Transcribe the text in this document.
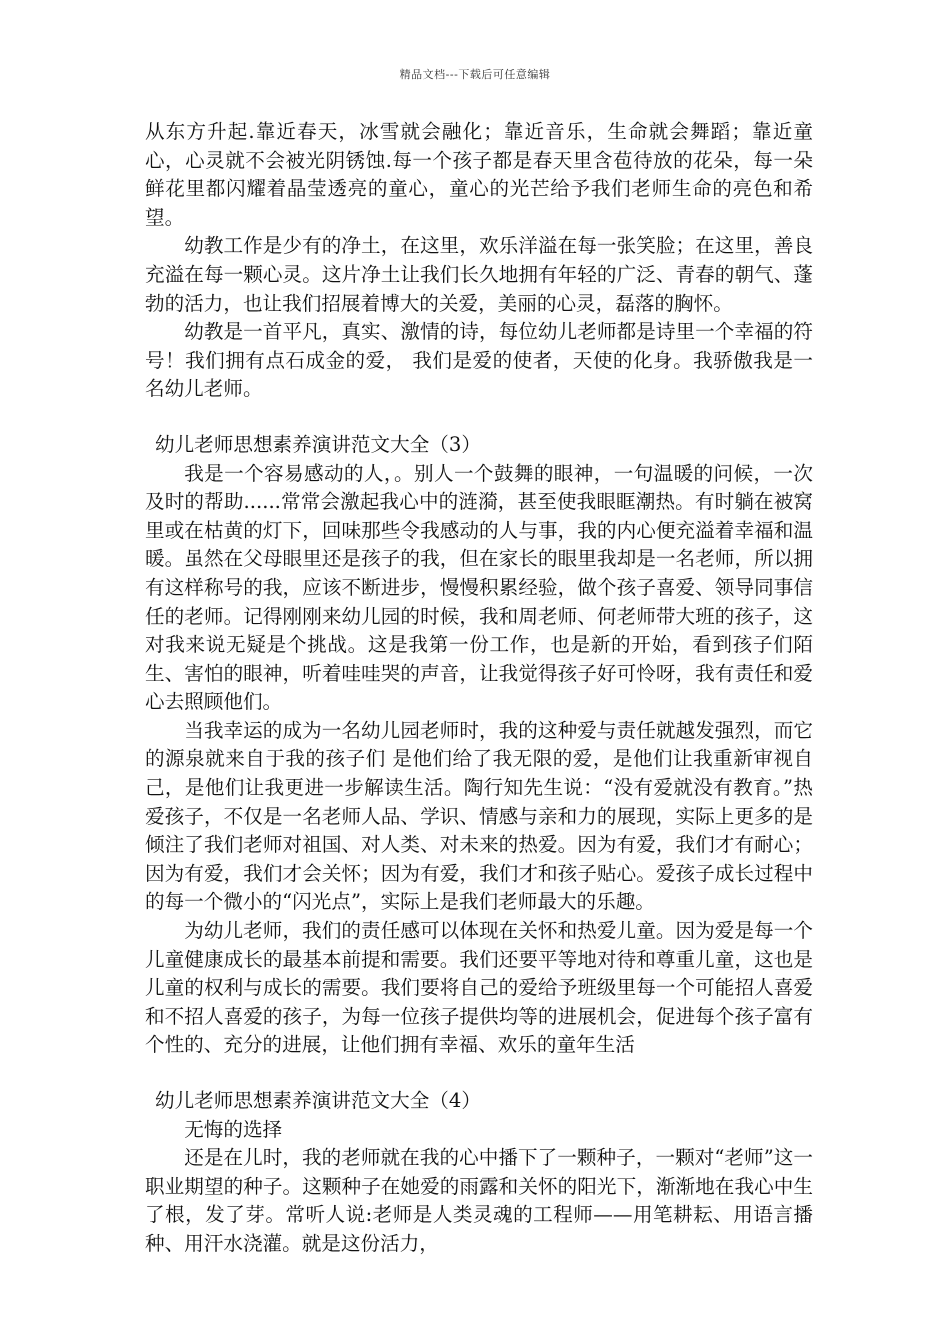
精品文档---下载后可任意编辑

从东方升起.靠近春天，冰雪就会融化；靠近音乐，生命就会舞蹈；靠近童心，心灵就不会被光阴锈蚀.每一个孩子都是春天里含苞待放的花朵，每一朵鲜花里都闪耀着晶莹透亮的童心，童心的光芒给予我们老师生命的亮色和希望。

幼教工作是少有的净土，在这里，欢乐洋溢在每一张笑脸；在这里，善良充溢在每一颗心灵。这片净土让我们长久地拥有年轻的广泛、青春的朝气、蓬勃的活力，也让我们招展着博大的关爱，美丽的心灵，磊落的胸怀。

幼教是一首平凡，真实、激情的诗，每位幼儿老师都是诗里一个幸福的符号！我们拥有点石成金的爱， 我们是爱的使者，天使的化身。我骄傲我是一名幼儿老师。

幼儿老师思想素养演讲范文大全（3）

我是一个容易感动的人，。别人一个鼓舞的眼神，一句温暖的问候，一次及时的帮助......常常会激起我心中的涟漪，甚至使我眼眶潮热。有时躺在被窝里或在枯黄的灯下，回味那些令我感动的人与事，我的内心便充溢着幸福和温暖。虽然在父母眼里还是孩子的我，但在家长的眼里我却是一名老师，所以拥有这样称号的我，应该不断进步，慢慢积累经验，做个孩子喜爱、领导同事信任的老师。记得刚刚来幼儿园的时候，我和周老师、何老师带大班的孩子，这对我来说无疑是个挑战。这是我第一份工作，也是新的开始，看到孩子们陌生、害怕的眼神，听着哇哇哭的声音，让我觉得孩子好可怜呀，我有责任和爱心去照顾他们。

当我幸运的成为一名幼儿园老师时，我的这种爱与责任就越发强烈，而它的源泉就来自于我的孩子们 是他们给了我无限的爱，是他们让我重新审视自己，是他们让我更进一步解读生活。陶行知先生说：“没有爱就没有教育。”热爱孩子，不仅是一名老师人品、学识、情感与亲和力的展现，实际上更多的是倾注了我们老师对祖国、对人类、对未来的热爱。因为有爱，我们才有耐心；因为有爱，我们才会关怀；因为有爱，我们才和孩子贴心。爱孩子成长过程中的每一个微小的“闪光点”，实际上是我们老师最大的乐趣。

为幼儿老师，我们的责任感可以体现在关怀和热爱儿童。因为爱是每一个儿童健康成长的最基本前提和需要。我们还要平等地对待和尊重儿童，这也是儿童的权利与成长的需要。我们要将自己的爱给予班级里每一个可能招人喜爱和不招人喜爱的孩子，为每一位孩子提供均等的进展机会，促进每个孩子富有个性的、充分的进展，让他们拥有幸福、欢乐的童年生活

幼儿老师思想素养演讲范文大全（4）

无悔的选择

还是在儿时，我的老师就在我的心中播下了一颗种子，一颗对“老师”这一职业期望的种子。这颗种子在她爱的雨露和关怀的阳光下，渐渐地在我心中生了根，发了芽。常听人说:老师是人类灵魂的工程师——用笔耕耘、用语言播种、用汗水浇灌。就是这份活力，
